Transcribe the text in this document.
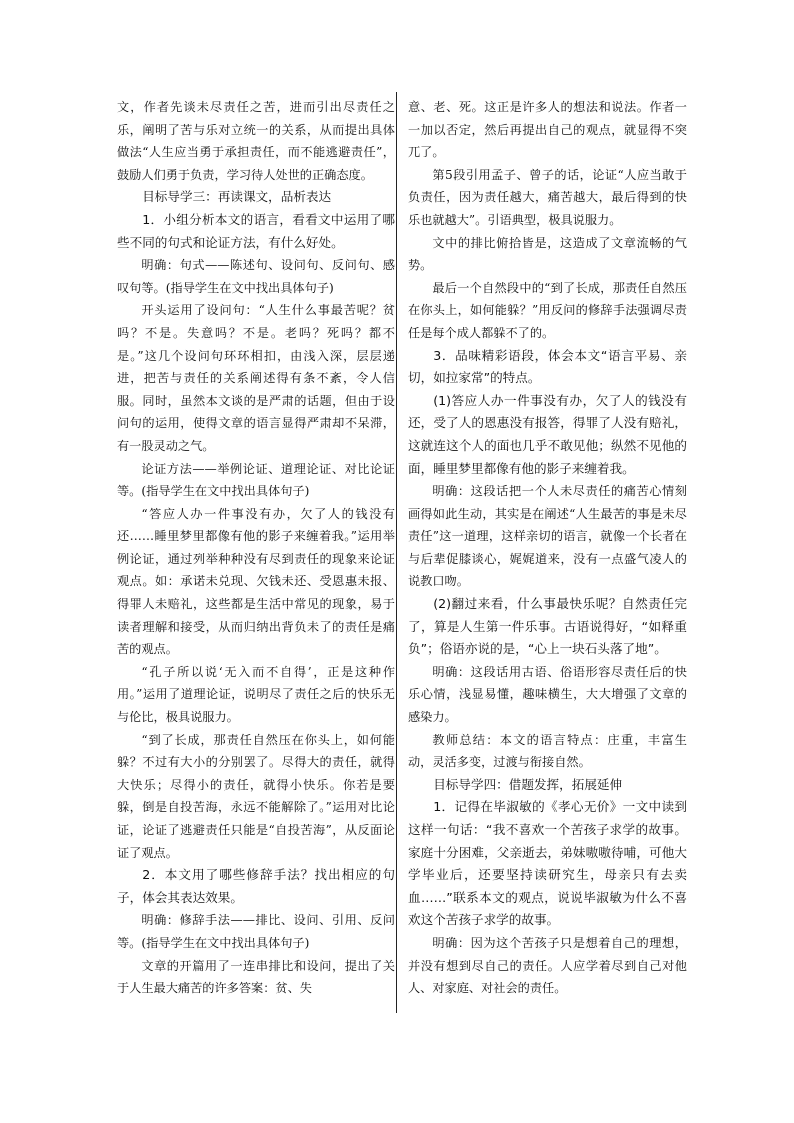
文，作者先谈未尽责任之苦，进而引出尽责任之乐，阐明了苦与乐对立统一的关系，从而提出具体做法“人生应当勇于承担责任，而不能逃避责任”，鼓励人们勇于负责，学习待人处世的正确态度。

目标导学三：再读课文，品析表达

1．小组分析本文的语言，看看文中运用了哪些不同的句式和论证方法，有什么好处。

明确：句式——陈述句、设问句、反问句、感叹句等。(指导学生在文中找出具体句子)

开头运用了设问句：“人生什么事最苦呢？贫吗？不是。失意吗？不是。老吗？死吗？都不是。”这几个设问句环环相扣，由浅入深，层层递进，把苦与责任的关系阐述得有条不紊，令人信服。同时，虽然本文谈的是严肃的话题，但由于设问句的运用，使得文章的语言显得严肃却不呆滞，有一股灵动之气。

论证方法——举例论证、道理论证、对比论证等。(指导学生在文中找出具体句子)

“答应人办一件事没有办，欠了人的钱没有还……睡里梦里都像有他的影子来缠着我。”运用举例论证，通过列举种种没有尽到责任的现象来论证观点。如：承诺未兑现、欠钱未还、受恩惠未报、得罪人未赔礼，这些都是生活中常见的现象，易于读者理解和接受，从而归纳出背负未了的责任是痛苦的观点。

“孔子所以说‘无入而不自得’，正是这种作用。”运用了道理论证，说明尽了责任之后的快乐无与伦比，极具说服力。

“到了长成，那责任自然压在你头上，如何能躲？不过有大小的分别罢了。尽得大的责任，就得大快乐；尽得小的责任，就得小快乐。你若是要躲，倒是自投苦海，永远不能解除了。”运用对比论证，论证了逃避责任只能是“自投苦海”，从反面论证了观点。

2．本文用了哪些修辞手法？找出相应的句子，体会其表达效果。

明确：修辞手法——排比、设问、引用、反问等。(指导学生在文中找出具体句子)

文章的开篇用了一连串排比和设问，提出了关于人生最大痛苦的许多答案：贫、失

意、老、死。这正是许多人的想法和说法。作者一一加以否定，然后再提出自己的观点，就显得不突兀了。

第5段引用孟子、曾子的话，论证“人应当敢于负责任，因为责任越大，痛苦越大，最后得到的快乐也就越大”。引语典型，极具说服力。

文中的排比俯拾皆是，这造成了文章流畅的气势。

最后一个自然段中的“到了长成，那责任自然压在你头上，如何能躲？”用反问的修辞手法强调尽责任是每个成人都躲不了的。

3．品味精彩语段，体会本文“语言平易、亲切，如拉家常”的特点。

(1)答应人办一件事没有办，欠了人的钱没有还，受了人的恩惠没有报答，得罪了人没有赔礼，这就连这个人的面也几乎不敢见他；纵然不见他的面，睡里梦里都像有他的影子来缠着我。

明确：这段话把一个人未尽责任的痛苦心情刻画得如此生动，其实是在阐述“人生最苦的事是未尽责任”这一道理，这样亲切的语言，就像一个长者在与后辈促膝谈心，娓娓道来，没有一点盛气凌人的说教口吻。

(2)翻过来看，什么事最快乐呢？自然责任完了，算是人生第一件乐事。古语说得好，“如释重负”；俗语亦说的是，“心上一块石头落了地”。

明确：这段话用古语、俗语形容尽责任后的快乐心情，浅显易懂，趣味横生，大大增强了文章的感染力。

教师总结：本文的语言特点：庄重，丰富生动，灵活多变，过渡与衔接自然。

目标导学四：借题发挥，拓展延伸

1．记得在毕淑敏的《孝心无价》一文中读到这样一句话：“我不喜欢一个苦孩子求学的故事。家庭十分困难，父亲逝去，弟妹嗷嗷待哺，可他大学毕业后，还要坚持读研究生，母亲只有去卖血……”联系本文的观点，说说毕淑敏为什么不喜欢这个苦孩子求学的故事。

明确：因为这个苦孩子只是想着自己的理想，并没有想到尽自己的责任。人应学着尽到自己对他人、对家庭、对社会的责任。
